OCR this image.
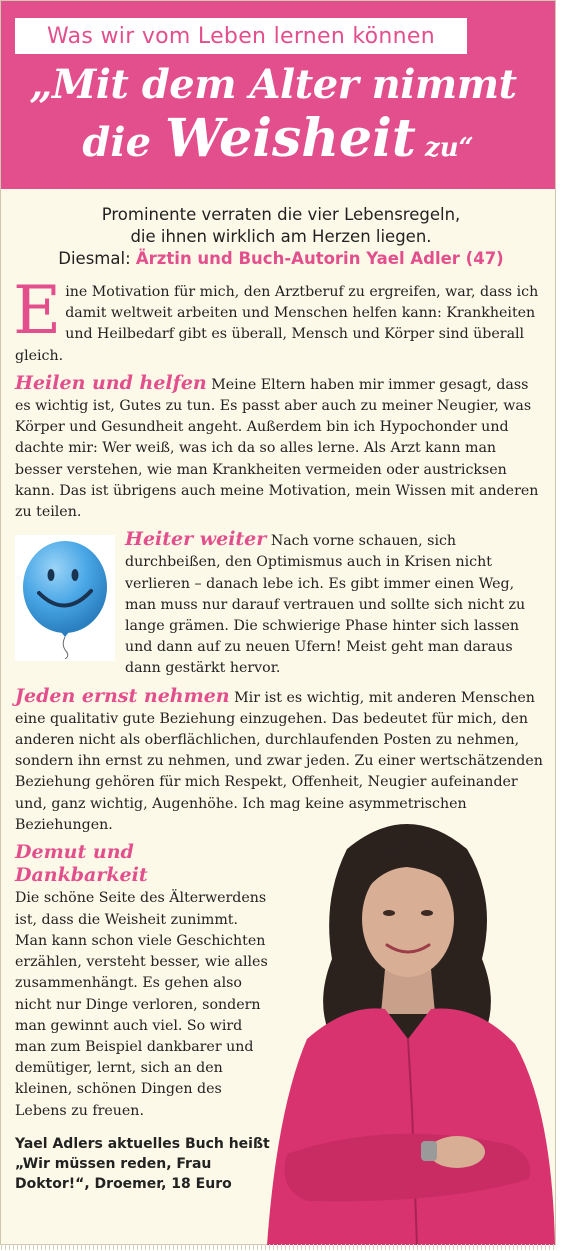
Was wir vom Leben lernen können
„Mit dem Alter nimmt
die Weisheit zu“
Prominente verraten die vier Lebensregeln,
die ihnen wirklich am Herzen liegen.
Diesmal: Ärztin und Buch-Autorin Yael Adler (47)

Eine Motivation für mich, den Arztberuf zu ergreifen, war, dass ich damit weltweit arbeiten und Menschen helfen kann: Krankheiten und Heilbedarf gibt es überall, Mensch und Körper sind überall gleich.

Heilen und helfen Meine Eltern haben mir immer gesagt, dass es wichtig ist, Gutes zu tun. Es passt aber auch zu meiner Neugier, was Körper und Gesundheit angeht. Außerdem bin ich Hypochonder und dachte mir: Wer weiß, was ich da so alles lerne. Als Arzt kann man besser verstehen, wie man Krankheiten vermeiden oder austricksen kann. Das ist übrigens auch meine Motivation, mein Wissen mit anderen zu teilen.

Heiter weiter Nach vorne schauen, sich durchbeißen, den Optimismus auch in Krisen nicht verlieren – danach lebe ich. Es gibt immer einen Weg, man muss nur darauf vertrauen und sollte sich nicht zu lange grämen. Die schwierige Phase hinter sich lassen und dann auf zu neuen Ufern! Meist geht man daraus dann gestärkt hervor.

Jeden ernst nehmen Mir ist es wichtig, mit anderen Menschen eine qualitativ gute Beziehung einzugehen. Das bedeutet für mich, den anderen nicht als oberflächlichen, durchlaufenden Posten zu nehmen, sondern ihn ernst zu nehmen, und zwar jeden. Zu einer wertschätzenden Beziehung gehören für mich Respekt, Offenheit, Neugier aufeinander und, ganz wichtig, Augenhöhe. Ich mag keine asymmetrischen Beziehungen.

Demut und Dankbarkeit
Die schöne Seite des Älterwerdens ist, dass die Weisheit zunimmt. Man kann schon viele Geschichten erzählen, versteht besser, wie alles zusammenhängt. Es gehen also nicht nur Dinge verloren, sondern man gewinnt auch viel. So wird man zum Beispiel dankbarer und demütiger, lernt, sich an den kleinen, schönen Dingen des Lebens zu freuen.

Yael Adlers aktuelles Buch heißt „Wir müssen reden, Frau Doktor!“, Droemer, 18 Euro
